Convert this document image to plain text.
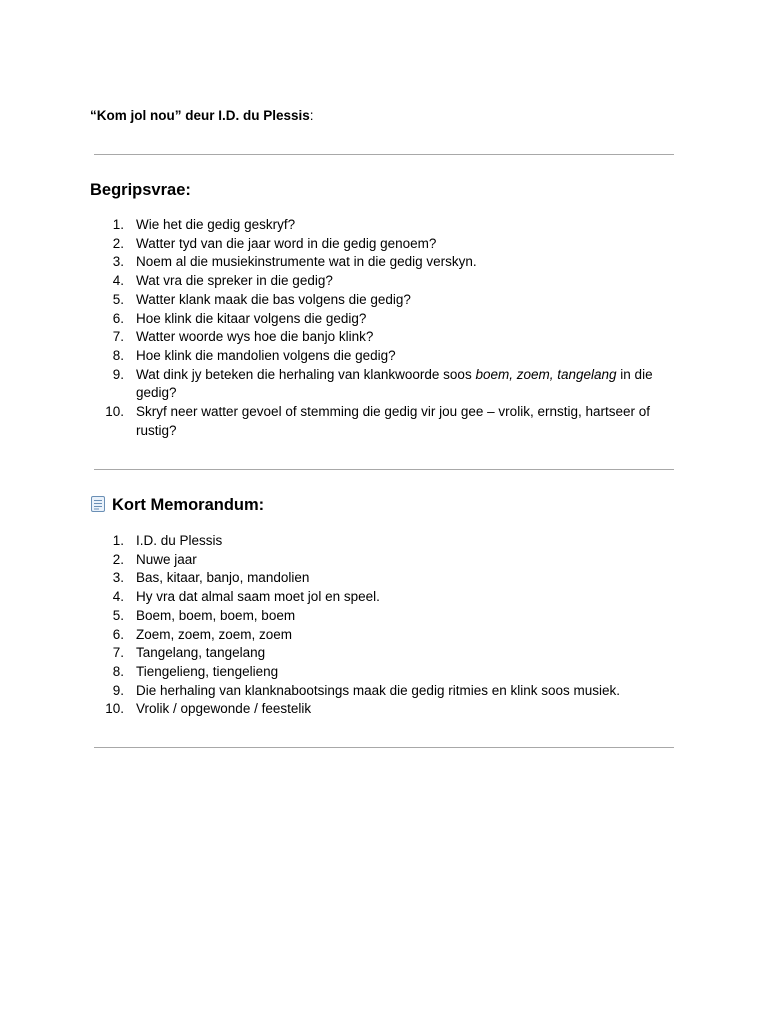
“Kom jol nou” deur I.D. du Plessis:
Begripsvrae:
1. Wie het die gedig geskryf?
2. Watter tyd van die jaar word in die gedig genoem?
3. Noem al die musiekinstrumente wat in die gedig verskyn.
4. Wat vra die spreker in die gedig?
5. Watter klank maak die bas volgens die gedig?
6. Hoe klink die kitaar volgens die gedig?
7. Watter woorde wys hoe die banjo klink?
8. Hoe klink die mandolien volgens die gedig?
9. Wat dink jy beteken die herhaling van klankwoorde soos boem, zoem, tangelang in die gedig?
10. Skryf neer watter gevoel of stemming die gedig vir jou gee – vrolik, ernstig, hartseer of rustig?
Kort Memorandum:
1. I.D. du Plessis
2. Nuwe jaar
3. Bas, kitaar, banjo, mandolien
4. Hy vra dat almal saam moet jol en speel.
5. Boem, boem, boem, boem
6. Zoem, zoem, zoem, zoem
7. Tangelang, tangelang
8. Tiengelieng, tiengelieng
9. Die herhaling van klanknabootsings maak die gedig ritmies en klink soos musiek.
10. Vrolik / opgewonde / feestelik
